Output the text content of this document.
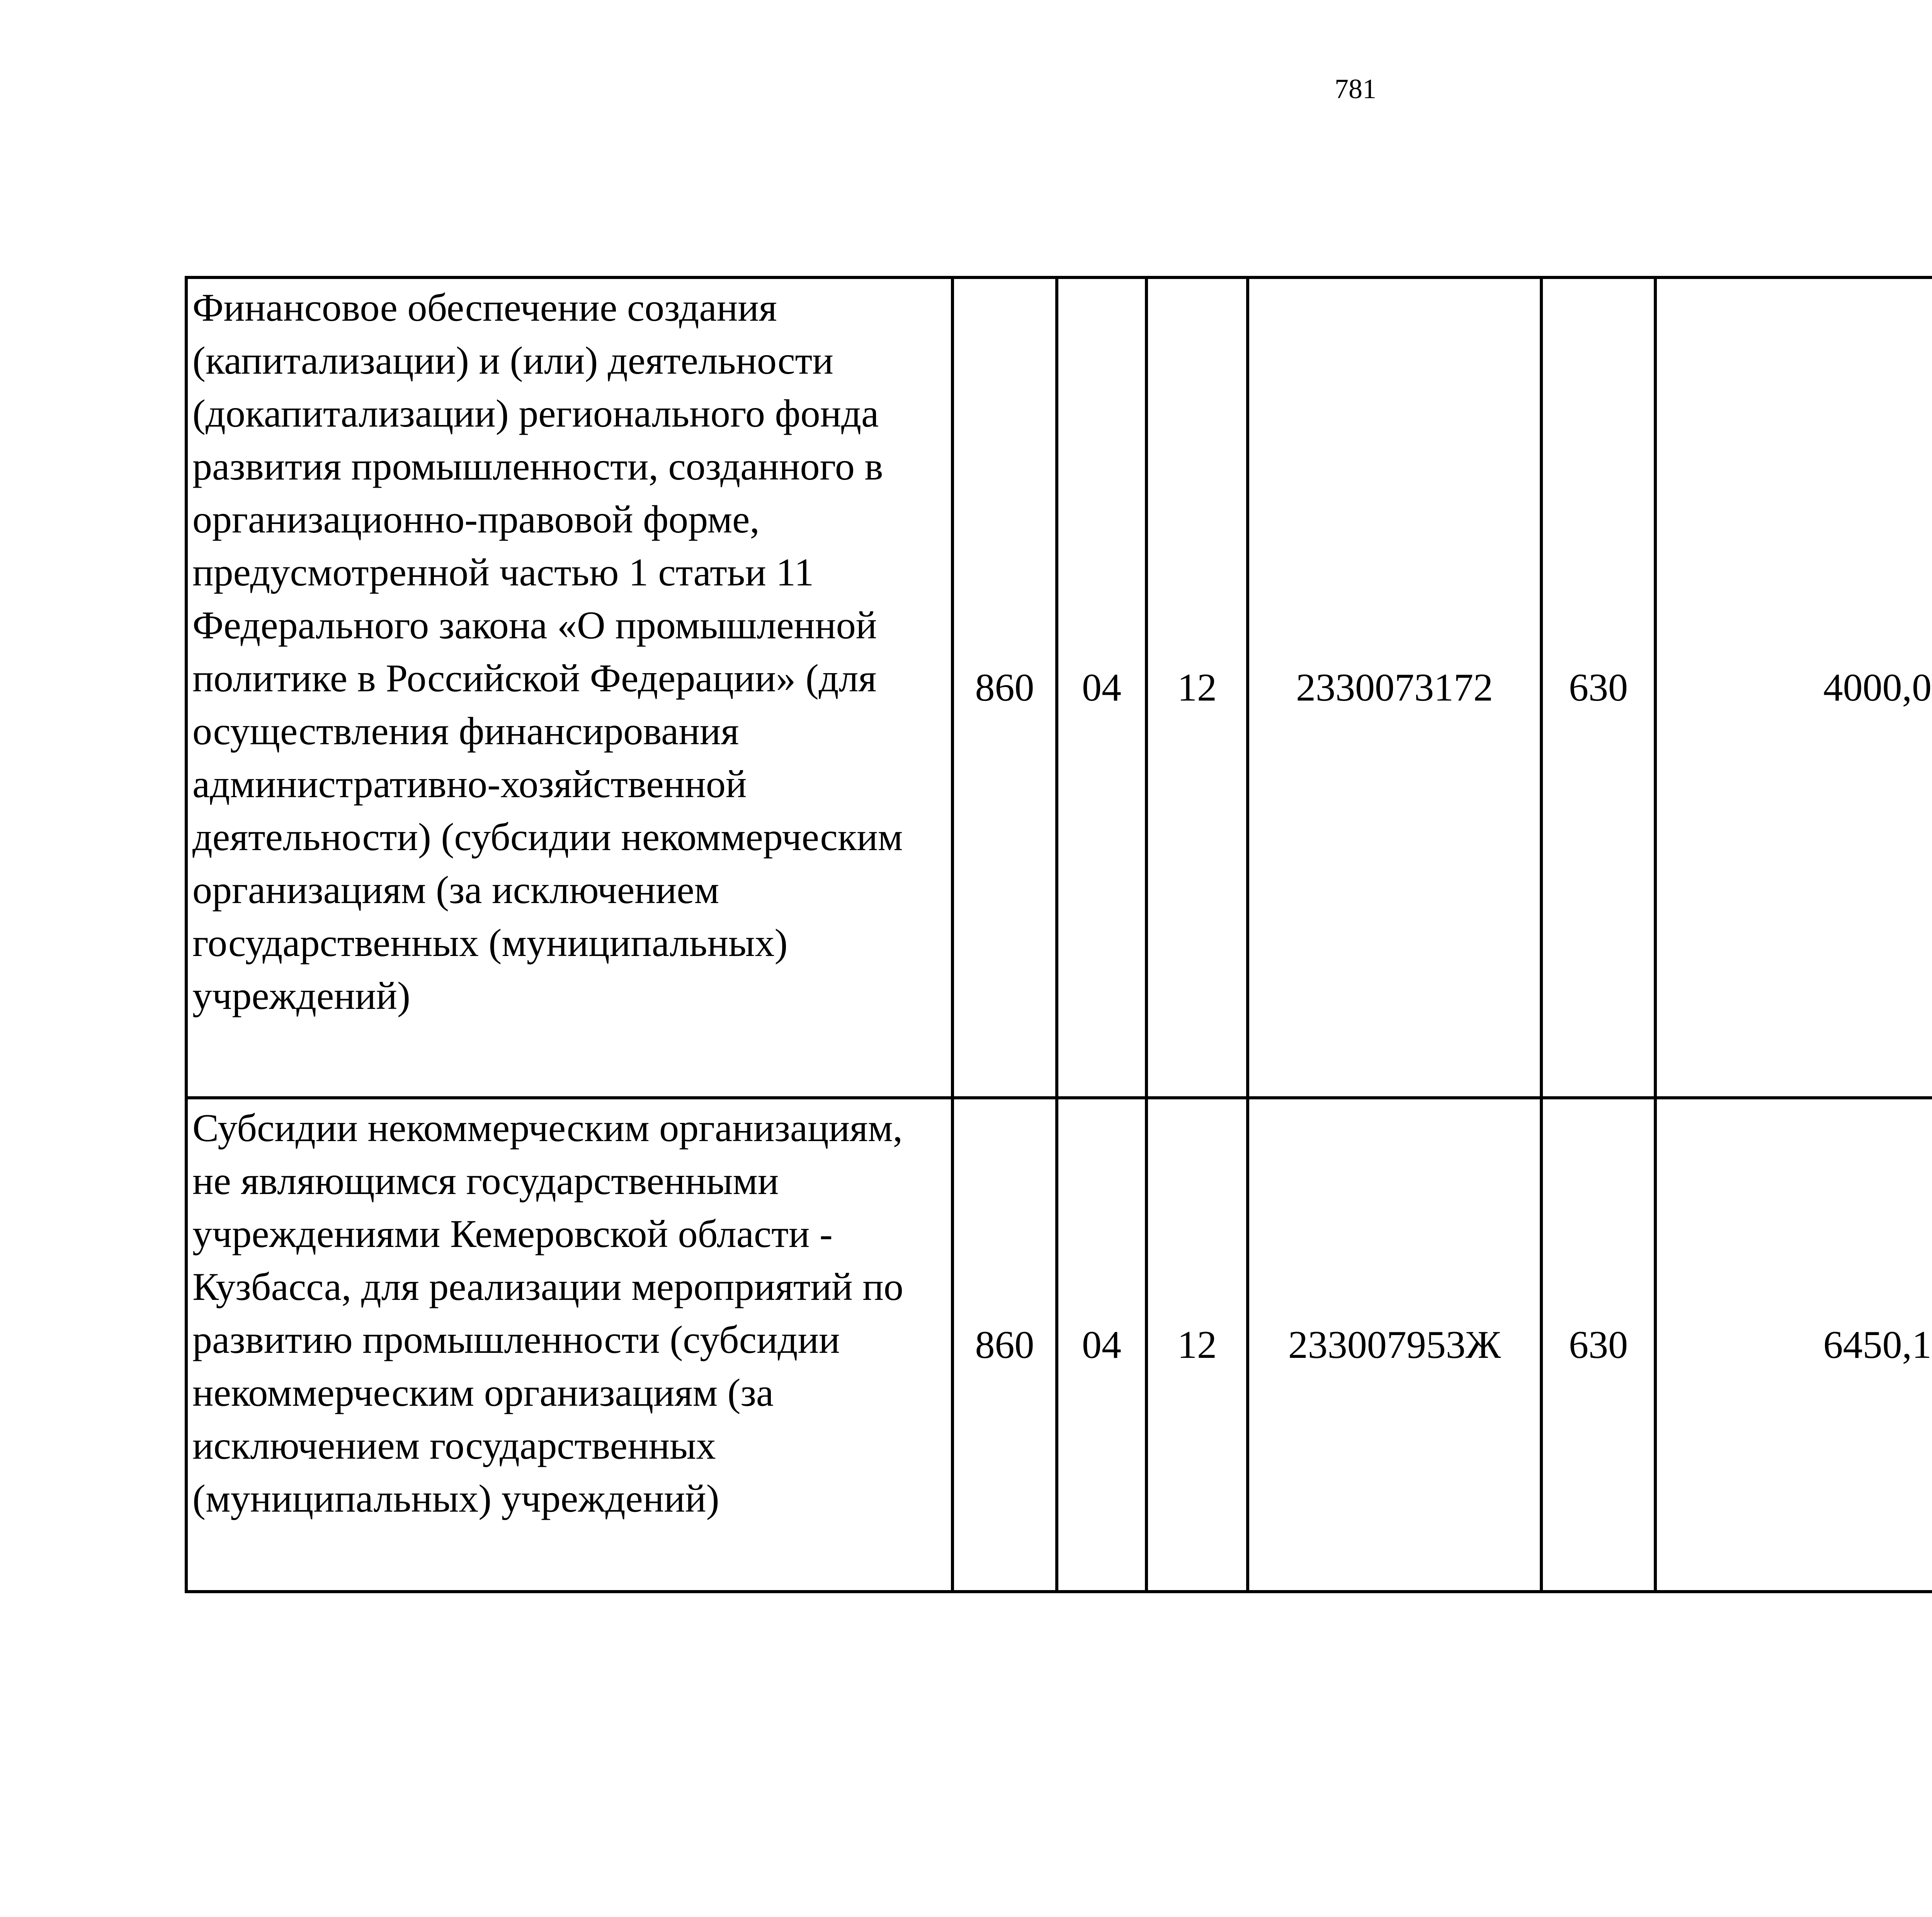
781
Финансовое обеспечение создания (капитализации) и (или) деятельности (докапитализации) регионального фонда развития промышленности, созданного в организационно-правовой форме, предусмотренной частью 1 статьи 11 Федерального закона «О промышленной политике в Российской Федерации» (для осуществления финансирования административно-хозяйственной деятельности) (субсидии некоммерческим организациям (за исключением государственных (муниципальных) учреждений)	860	04	12	2330073172	630	4000,0		
Субсидии некоммерческим организациям, не являющимся государственными учреждениями Кемеровской области - Кузбасса, для реализации мероприятий по развитию промышленности (субсидии некоммерческим организациям (за исключением государственных (муниципальных) учреждений)	860	04	12	233007953Ж	630	6450,1		
